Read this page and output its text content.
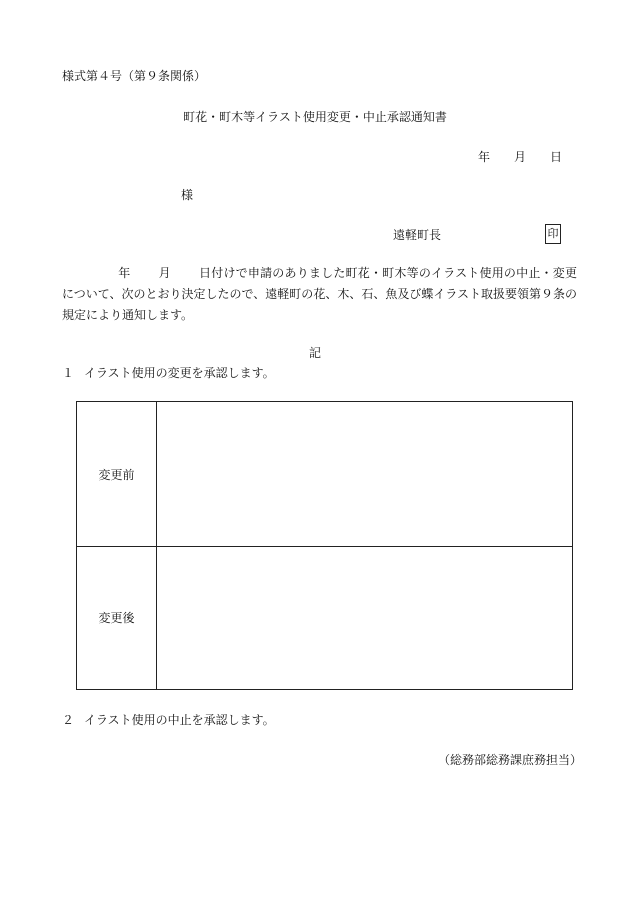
様式第４号（第９条関係）
町花・町木等イラスト使用変更・中止承認通知書
年 月 日
様
遠軽町長	印
年 月 日付けで申請のありました町花・町木等のイラスト使用の中止・変更について、次のとおり決定したので、遠軽町の花、木、石、魚及び蝶イラスト取扱要領第９条の規定により通知します。
記
１ イラスト使用の変更を承認します。
変更前
変更後
２ イラスト使用の中止を承認します。
（総務部総務課庶務担当）
